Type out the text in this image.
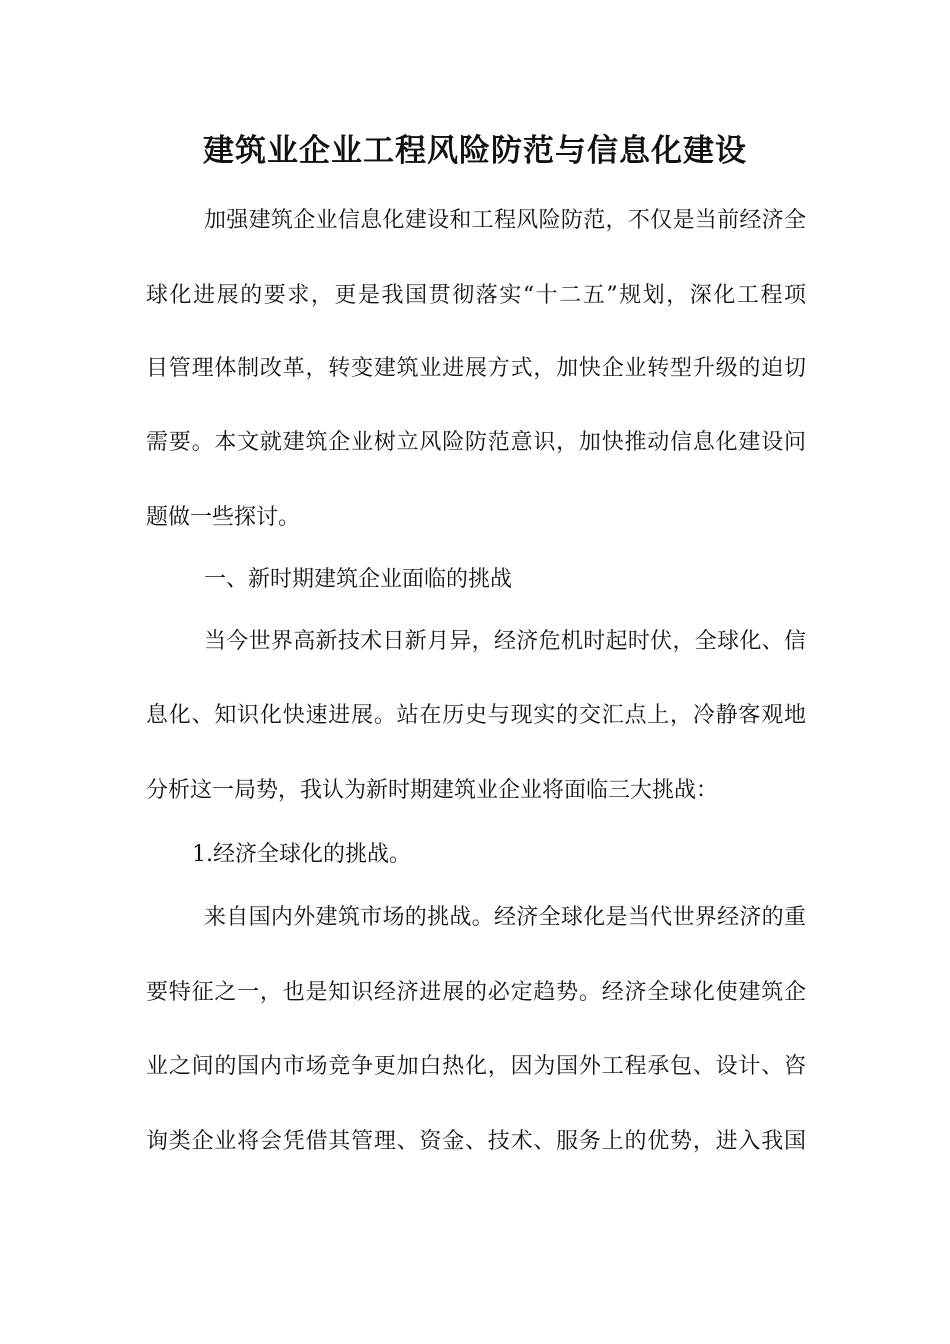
建筑业企业工程风险防范与信息化建设

加强建筑企业信息化建设和工程风险防范，不仅是当前经济全

球化进展的要求，更是我国贯彻落实“十二五”规划，深化工程项

目管理体制改革，转变建筑业进展方式，加快企业转型升级的迫切

需要。本文就建筑企业树立风险防范意识，加快推动信息化建设问

题做一些探讨。

一、新时期建筑企业面临的挑战

当今世界高新技术日新月异，经济危机时起时伏，全球化、信

息化、知识化快速进展。站在历史与现实的交汇点上，冷静客观地

分析这一局势，我认为新时期建筑业企业将面临三大挑战：

1.经济全球化的挑战。

来自国内外建筑市场的挑战。经济全球化是当代世界经济的重

要特征之一，也是知识经济进展的必定趋势。经济全球化使建筑企

业之间的国内市场竞争更加白热化，因为国外工程承包、设计、咨

询类企业将会凭借其管理、资金、技术、服务上的优势，进入我国
